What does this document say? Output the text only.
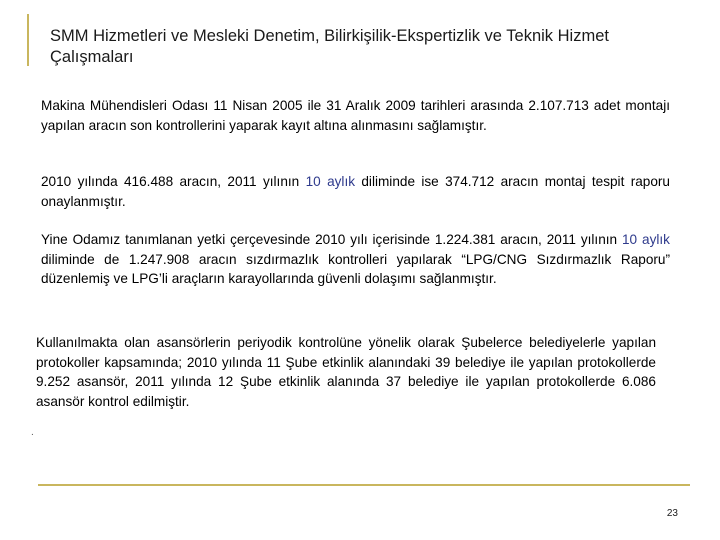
SMM Hizmetleri ve Mesleki Denetim, Bilirkişilik-Ekspertizlik ve Teknik Hizmet Çalışmaları

Makina Mühendisleri Odası 11 Nisan 2005 ile 31 Aralık 2009 tarihleri arasında 2.107.713 adet montajı yapılan aracın son kontrollerini yaparak kayıt altına alınmasını sağlamıştır.

2010 yılında 416.488 aracın, 2011 yılının 10 aylık diliminde ise 374.712 aracın montaj tespit raporu onaylanmıştır.

Yine Odamız tanımlanan yetki çerçevesinde 2010 yılı içerisinde 1.224.381 aracın, 2011 yılının 10 aylık diliminde de 1.247.908 aracın sızdırmazlık kontrolleri yapılarak “LPG/CNG Sızdırmazlık Raporu” düzenlemiş ve LPG’li araçların karayollarında güvenli dolaşımı sağlanmıştır.

Kullanılmakta olan asansörlerin periyodik kontrolüne yönelik olarak Şubelerce belediyelerle yapılan protokoller kapsamında; 2010 yılında 11 Şube etkinlik alanındaki 39 belediye ile yapılan protokollerde 9.252 asansör, 2011 yılında 12 Şube etkinlik alanında 37 belediye ile yapılan protokollerde 6.086 asansör kontrol edilmiştir.

.
23
